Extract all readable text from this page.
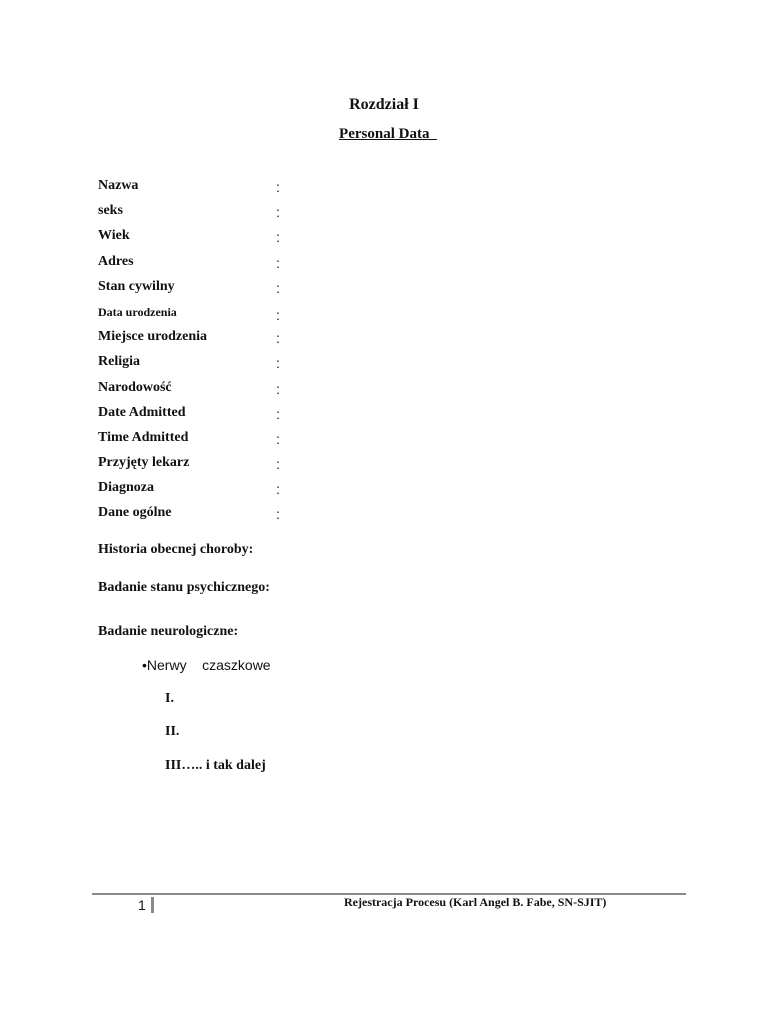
Rozdział I
Personal Data
Nazwa	:
seks	:
Wiek	:
Adres	:
Stan cywilny	:
Data urodzenia	:
Miejsce urodzenia	:
Religia	:
Narodowość	:
Date Admitted	:
Time Admitted	:
Przyjęty lekarz	:
Diagnoza	:
Dane ogólne	:
Historia obecnej choroby:
Badanie stanu psychicznego:
Badanie neurologiczne:
•Nerwy    czaszkowe
I.
II.
III….. i tak dalej
1	Rejestracja Procesu (Karl Angel B. Fabe, SN-SJIT)
